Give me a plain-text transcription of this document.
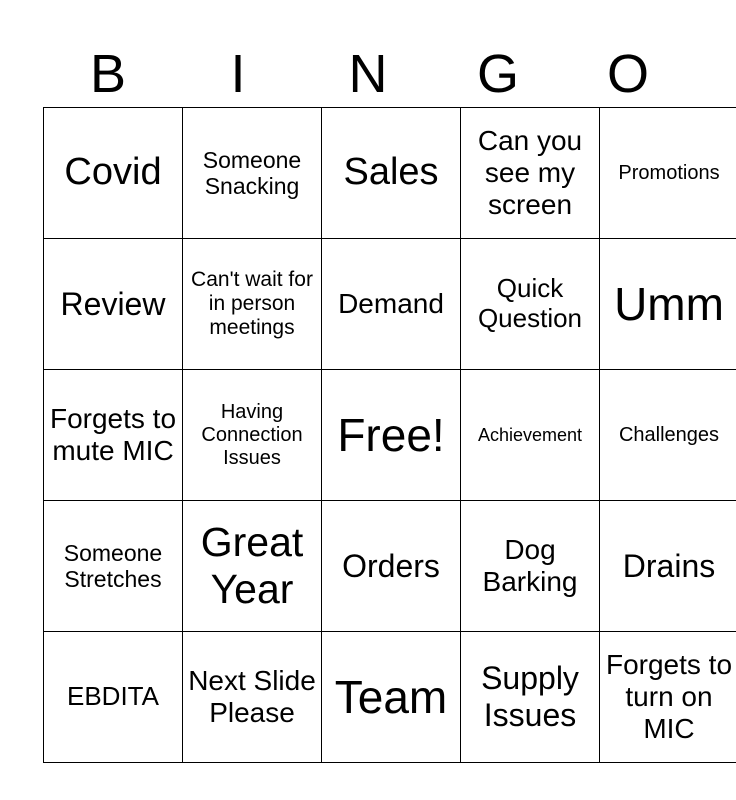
B	I	N	G	O
Covid	Someone Snacking	Sales	Can you see my screen	Promotions
Review	Can't wait for in person meetings	Demand	Quick Question	Umm
Forgets to mute MIC	Having Connection Issues	Free!	Achievement	Challenges
Someone Stretches	Great Year	Orders	Dog Barking	Drains
EBDITA	Next Slide Please	Team	Supply Issues	Forgets to turn on MIC
